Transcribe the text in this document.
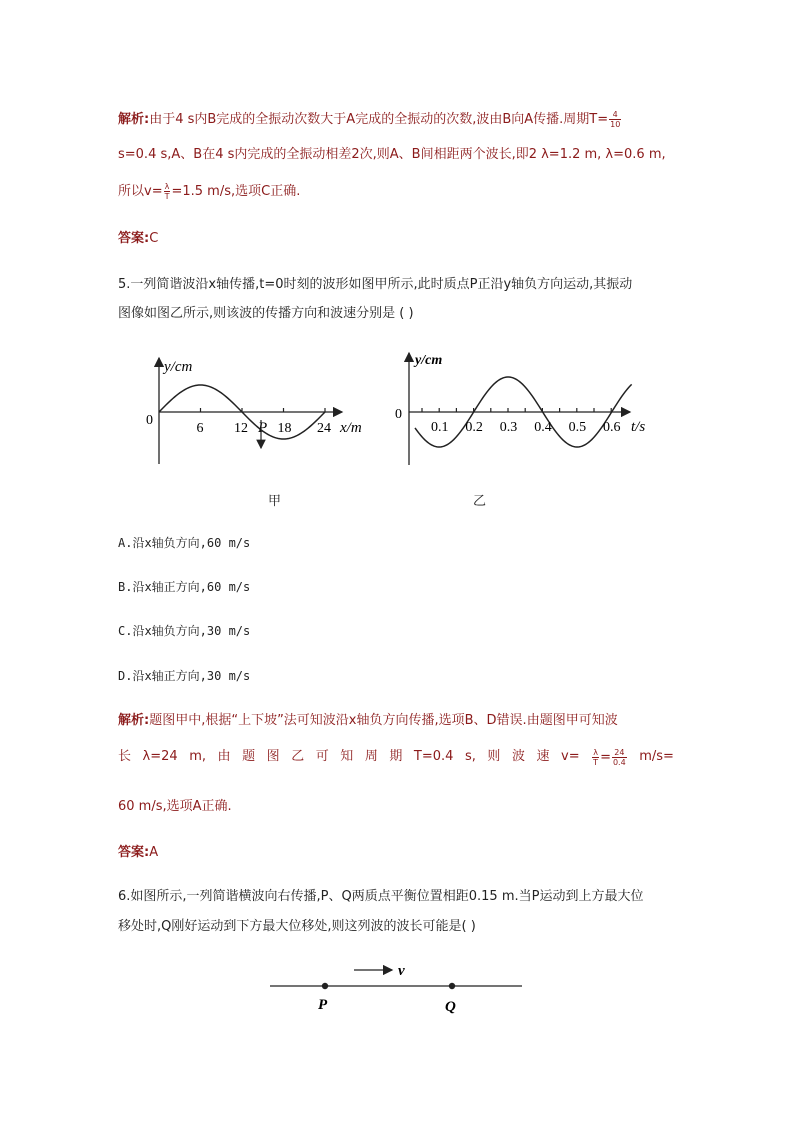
解析:由于4 s内B完成的全振动次数大于A完成的全振动的次数,波由B向A传播.周期$T= \frac{4}{10}$
s=0.4 s,A、B在4 s内完成的全振动相差2次,则A、B间相距两个波长,即2 λ=1.2 m, λ=0.6 m,
所以$v= \frac{\lambda}{T} =1.5$ m/s,选项C正确.
答案:C
5.一列简谐波沿x轴传播,t=0时刻的波形如图甲所示,此时质点P正沿y轴负方向运动,其振动
图像如图乙所示,则该波的传播方向和波速分别是 ( )
6 12 18 24
y/cm
0	x/m
P
甲
0.1 0.2 0.3 0.4 0.5 0.6
y/cm
0
t/s
乙
A.沿x轴负方向,60 m/s
B.沿x轴正方向,60 m/s
C.沿x轴负方向,30 m/s
D.沿x轴正方向,30 m/s
解析:题图甲中,根据“上下坡”法可知波沿x轴负方向传播,选项B、D错误.由题图甲可知波
长 λ=24 m, 由 题 图 乙 可 知 周 期 T=0.4 s, 则 波 速 $v= \frac{\lambda}{T} = \frac{24}{0.4} m/s=$
60 m/s,选项A正确.
答案:A
6.如图所示,一列简谐横波向右传播,P、Q两质点平衡位置相距0.15 m.当P运动到上方最大位
移处时,Q刚好运动到下方最大位移处,则这列波的波长可能是( )
v
P	Q
